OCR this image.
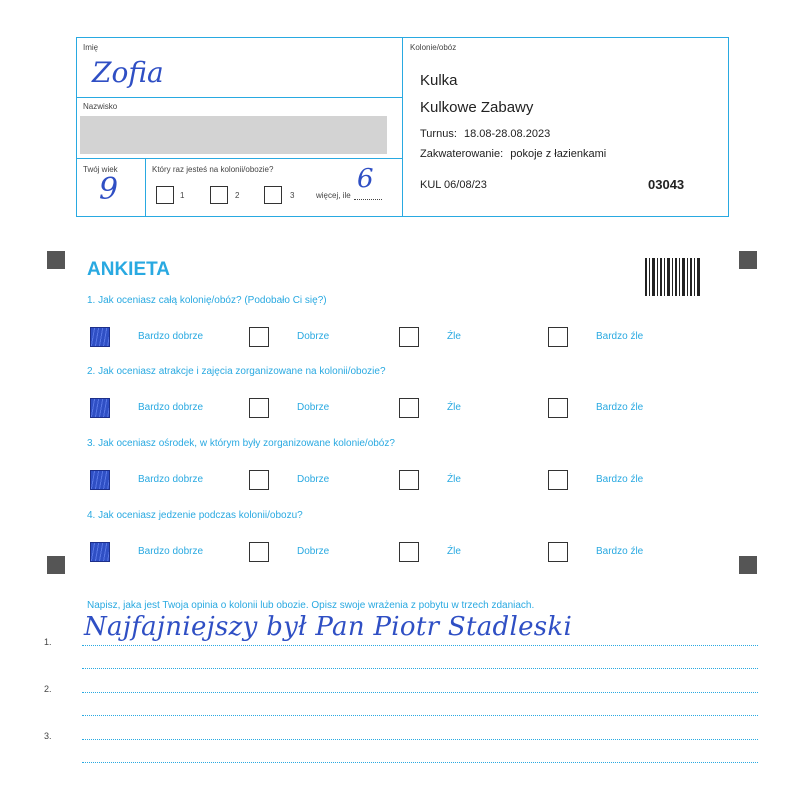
Imię
Zofia
Nazwisko
Twój wiek
9
Który raz jesteś na kolonii/obozie?
1	2	3	więcej, ile
6
Kolonie/obóz
Kulka
Kulkowe Zabawy
Turnus: 18.08-28.08.2023
Zakwaterowanie: pokoje z łazienkami
KUL 06/08/23	03043
ANKIETA
1. Jak oceniasz całą kolonię/obóz? (Podobało Ci się?)
Bardzo dobrze	Dobrze	Źle	Bardzo źle
2. Jak oceniasz atrakcje i zajęcia zorganizowane na kolonii/obozie?
Bardzo dobrze	Dobrze	Źle	Bardzo źle
3. Jak oceniasz ośrodek, w którym były zorganizowane kolonie/obóz?
Bardzo dobrze	Dobrze	Źle	Bardzo źle
4. Jak oceniasz jedzenie podczas kolonii/obozu?
Bardzo dobrze	Dobrze	Źle	Bardzo źle
Napisz, jaka jest Twoja opinia o kolonii lub obozie. Opisz swoje wrażenia z pobytu w trzech zdaniach.
1.
2.
3.
Najfajniejszy był Pan Piotr Stadleski
